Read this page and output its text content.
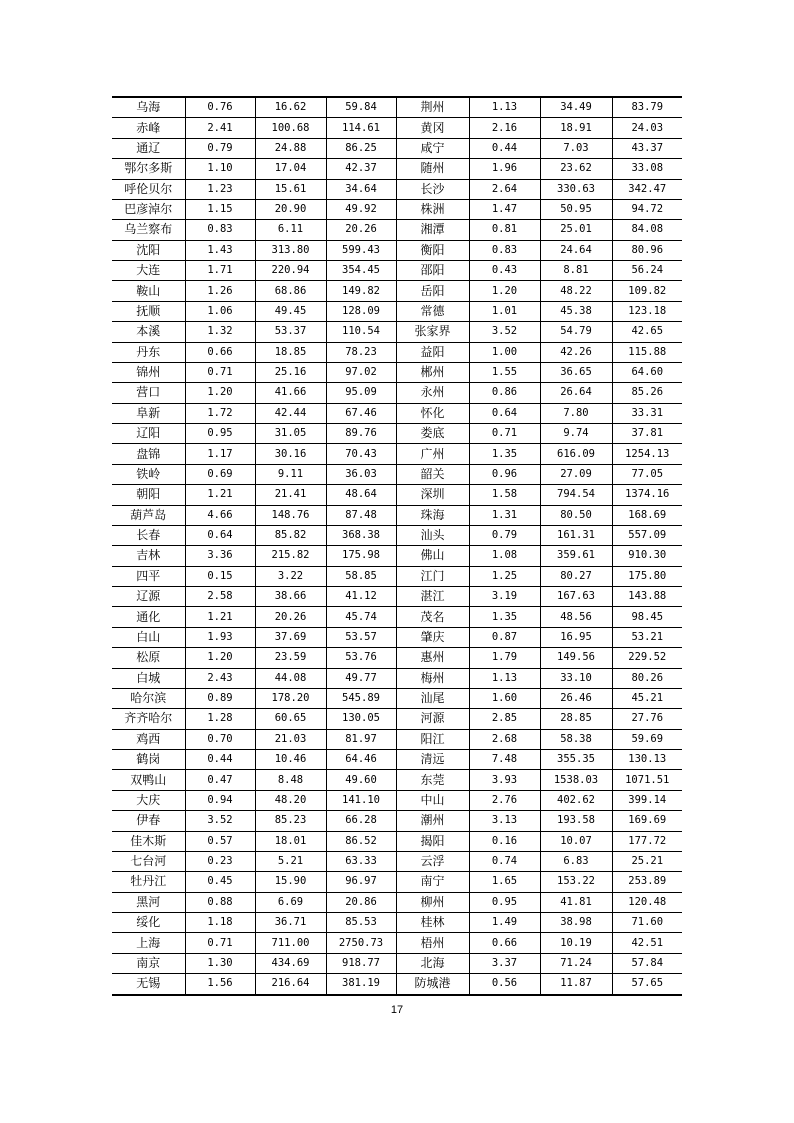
乌海	0.76	16.62	59.84	荆州	1.13	34.49	83.79
赤峰	2.41	100.68	114.61	黄冈	2.16	18.91	24.03
通辽	0.79	24.88	86.25	咸宁	0.44	7.03	43.37
鄂尔多斯	1.10	17.04	42.37	随州	1.96	23.62	33.08
呼伦贝尔	1.23	15.61	34.64	长沙	2.64	330.63	342.47
巴彦淖尔	1.15	20.90	49.92	株洲	1.47	50.95	94.72
乌兰察布	0.83	6.11	20.26	湘潭	0.81	25.01	84.08
沈阳	1.43	313.80	599.43	衡阳	0.83	24.64	80.96
大连	1.71	220.94	354.45	邵阳	0.43	8.81	56.24
鞍山	1.26	68.86	149.82	岳阳	1.20	48.22	109.82
抚顺	1.06	49.45	128.09	常德	1.01	45.38	123.18
本溪	1.32	53.37	110.54	张家界	3.52	54.79	42.65
丹东	0.66	18.85	78.23	益阳	1.00	42.26	115.88
锦州	0.71	25.16	97.02	郴州	1.55	36.65	64.60
营口	1.20	41.66	95.09	永州	0.86	26.64	85.26
阜新	1.72	42.44	67.46	怀化	0.64	7.80	33.31
辽阳	0.95	31.05	89.76	娄底	0.71	9.74	37.81
盘锦	1.17	30.16	70.43	广州	1.35	616.09	1254.13
铁岭	0.69	9.11	36.03	韶关	0.96	27.09	77.05
朝阳	1.21	21.41	48.64	深圳	1.58	794.54	1374.16
葫芦岛	4.66	148.76	87.48	珠海	1.31	80.50	168.69
长春	0.64	85.82	368.38	汕头	0.79	161.31	557.09
吉林	3.36	215.82	175.98	佛山	1.08	359.61	910.30
四平	0.15	3.22	58.85	江门	1.25	80.27	175.80
辽源	2.58	38.66	41.12	湛江	3.19	167.63	143.88
通化	1.21	20.26	45.74	茂名	1.35	48.56	98.45
白山	1.93	37.69	53.57	肇庆	0.87	16.95	53.21
松原	1.20	23.59	53.76	惠州	1.79	149.56	229.52
白城	2.43	44.08	49.77	梅州	1.13	33.10	80.26
哈尔滨	0.89	178.20	545.89	汕尾	1.60	26.46	45.21
齐齐哈尔	1.28	60.65	130.05	河源	2.85	28.85	27.76
鸡西	0.70	21.03	81.97	阳江	2.68	58.38	59.69
鹤岗	0.44	10.46	64.46	清远	7.48	355.35	130.13
双鸭山	0.47	8.48	49.60	东莞	3.93	1538.03	1071.51
大庆	0.94	48.20	141.10	中山	2.76	402.62	399.14
伊春	3.52	85.23	66.28	潮州	3.13	193.58	169.69
佳木斯	0.57	18.01	86.52	揭阳	0.16	10.07	177.72
七台河	0.23	5.21	63.33	云浮	0.74	6.83	25.21
牡丹江	0.45	15.90	96.97	南宁	1.65	153.22	253.89
黑河	0.88	6.69	20.86	柳州	0.95	41.81	120.48
绥化	1.18	36.71	85.53	桂林	1.49	38.98	71.60
上海	0.71	711.00	2750.73	梧州	0.66	10.19	42.51
南京	1.30	434.69	918.77	北海	3.37	71.24	57.84
无锡	1.56	216.64	381.19	防城港	0.56	11.87	57.65
17
